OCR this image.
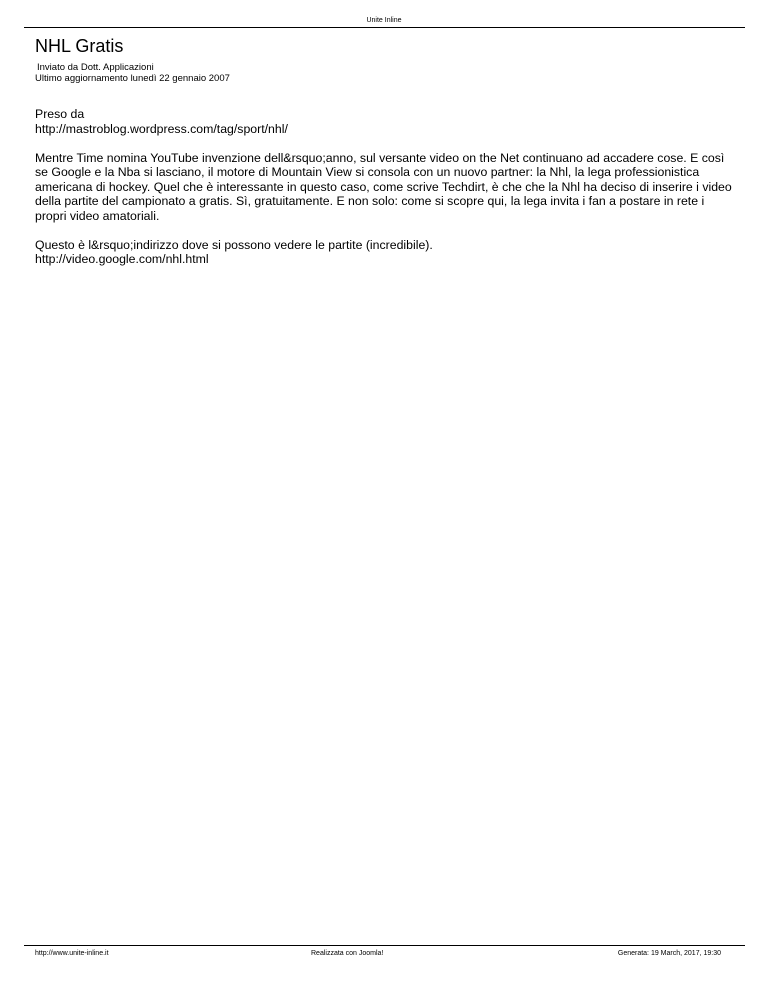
Unite Inline
NHL Gratis
Inviato da Dott. Applicazioni
Ultimo aggiornamento lunedì 22 gennaio 2007

Preso da
http://mastroblog.wordpress.com/tag/sport/nhl/

Mentre Time nomina YouTube invenzione dell&rsquo;anno, sul versante video on the Net continuano ad accadere cose. E così se Google e la Nba si lasciano, il motore di Mountain View si consola con un nuovo partner: la Nhl, la lega professionistica americana di hockey. Quel che è interessante in questo caso, come scrive Techdirt, è che che la Nhl ha deciso di inserire i video della partite del campionato a gratis. Sì, gratuitamente. E non solo: come si scopre qui, la lega invita i fan a postare in rete i propri video amatoriali.

Questo è l&rsquo;indirizzo dove si possono vedere le partite (incredibile).
http://video.google.com/nhl.html

http://www.unite-inline.it	Realizzata con Joomla!	Generata: 19 March, 2017, 19:30
